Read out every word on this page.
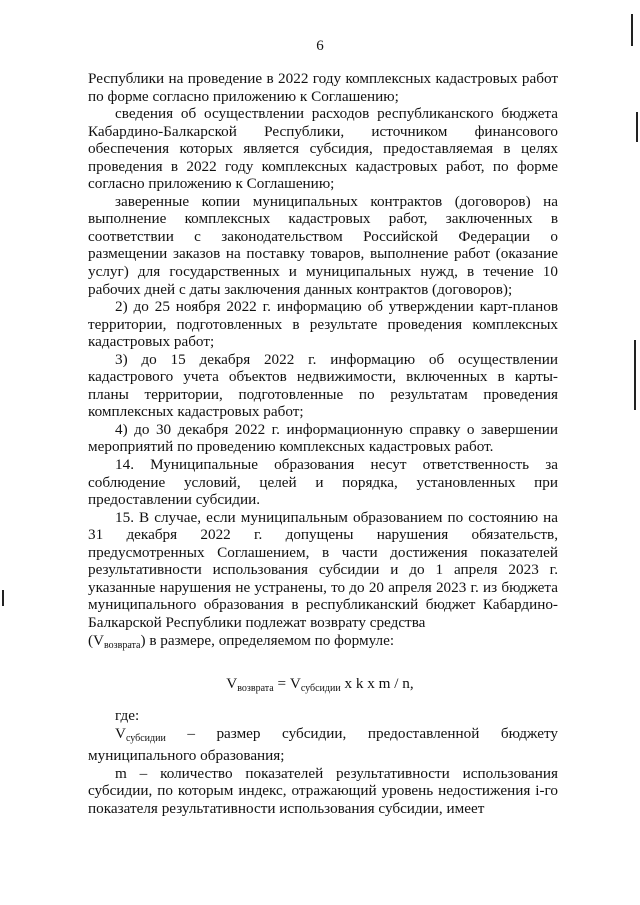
6

Республики на проведение в 2022 году комплексных кадастровых работ по форме согласно приложению к Соглашению;

сведения об осуществлении расходов республиканского бюджета Кабардино-Балкарской Республики, источником финансового обеспечения которых является субсидия, предоставляемая в целях проведения в 2022 году комплексных кадастровых работ, по форме согласно приложению к Соглашению;

заверенные копии муниципальных контрактов (договоров) на выполнение комплексных кадастровых работ, заключенных в соответствии с законодательством Российской Федерации о размещении заказов на поставку товаров, выполнение работ (оказание услуг) для государственных и муниципальных нужд, в течение 10 рабочих дней с даты заключения данных контрактов (договоров);

2) до 25 ноября 2022 г. информацию об утверждении карт-планов территории, подготовленных в результате проведения комплексных кадастровых работ;

3) до 15 декабря 2022 г. информацию об осуществлении кадастрового учета объектов недвижимости, включенных в карты-планы территории, подготовленные по результатам проведения комплексных кадастровых работ;

4) до 30 декабря 2022 г. информационную справку о завершении мероприятий по проведению комплексных кадастровых работ.

14. Муниципальные образования несут ответственность за соблюдение условий, целей и порядка, установленных при предоставлении субсидии.

15. В случае, если муниципальным образованием по состоянию на 31 декабря 2022 г. допущены нарушения обязательств, предусмотренных Соглашением, в части достижения показателей результативности использования субсидии и до 1 апреля 2023 г. указанные нарушения не устранены, то до 20 апреля 2023 г. из бюджета муниципального образования в республиканский бюджет Кабардино-Балкарской Республики подлежат возврату средства

$(V_{возврата})$ в размере, определяемом по формуле:

$V_{возврата} = V_{субсидии}$ x k x m / n,

где:

$V_{субсидии}$ – размер субсидии, предоставленной бюджету муниципального образования;

m – количество показателей результативности использования субсидии, по которым индекс, отражающий уровень недостижения i-го показателя результативности использования субсидии, имеет
